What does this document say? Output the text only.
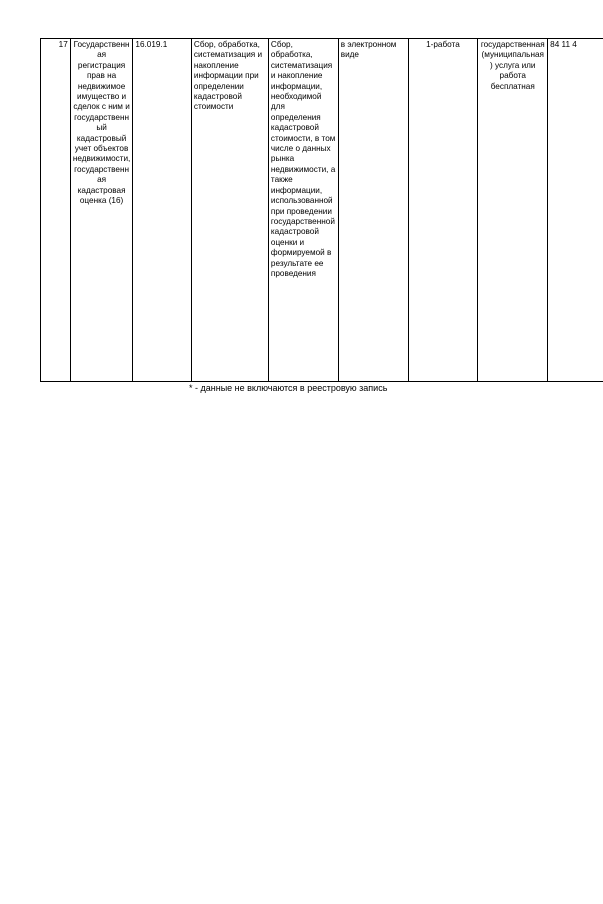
17	Государственная регистрация прав на недвижимое имущество и сделок с ним и государственный кадастровый учет объектов недвижимости, государственная кадастровая оценка (16)	16.019.1	Сбор, обработка, систематизация и накопление информации при определении кадастровой стоимости	Сбор, обработка, систематизация и накопление информации, необходимой для определения кадастровой стоимости, в том числе о данных рынка недвижимости, а также информации, использованной при проведении государственной кадастровой оценки и формируемой в результате ее проведения	в электронном виде	1-работа	государственная (муниципальная) услуга или работа бесплатная	84 11 4
* - данные не включаются в реестровую запись
